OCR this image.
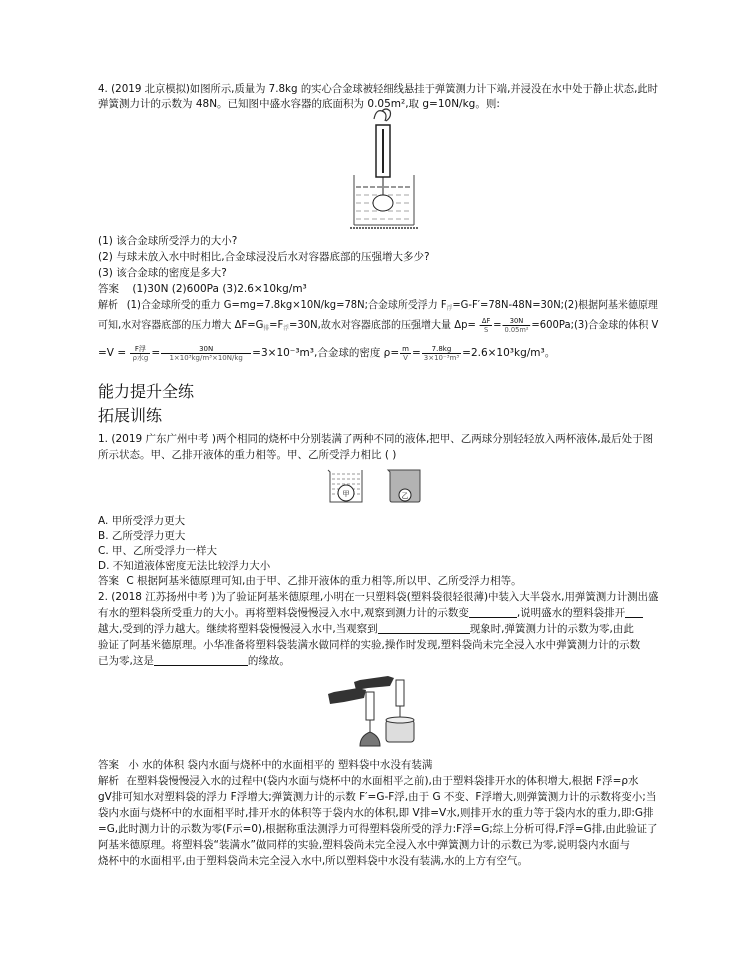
4. (2019 北京模拟)如图所示,质量为 7.8kg 的实心合金球被轻细线悬挂于弹簧测力计下端,并浸没在水中处于静止状态,此时
弹簧测力计的示数为 48N。已知图中盛水容器的底面积为 0.05m²,取 g=10N/kg。则:
(1) 该合金球所受浮力的大小?
(2) 与球未放入水中时相比,合金球浸没后水对容器底部的压强增大多少?
(3) 该合金球的密度是多大?
答案 (1)30N (2)600Pa (3)2.6×10kg/m³
解析 (1)合金球所受的重力 G=mg=7.8kg×10N/kg=78N;合金球所受浮力 $F_浮=G-F'=78N-48N=30N;(2)$根据阿基米德原理
可知,水对容器底部的压力增大 $\Delta F=G_排=F_浮=30N$,故水对容器底部的压强增大量 $\Delta p= \frac{\Delta F}{S} = \frac{30N}{\text{0.05m²}}$ =600Pa;(3)合金球的体积 V
$=V = \frac{\text{F浮}}{\text{ρ水g}} = \frac{30N}{\text{1×10³kg/m³×10N/kg}} =3\times 10^{-3}m^3$,合金球的密度 $\rho= \frac{m}{V} = \frac{7.8kg}{\text{3×10⁻³m³}} =2.6\times 10^3kg/m^3$。
能力提升全练
拓展训练
1. (2019 广东广州中考 )两个相同的烧杯中分别装满了两种不同的液体,把甲、乙两球分别轻轻放入两杯液体,最后处于图
所示状态。甲、乙排开液体的重力相等。甲、乙所受浮力相比 ( )
甲	乙
A. 甲所受浮力更大
B. 乙所受浮力更大
C. 甲、乙所受浮力一样大
D. 不知道液体密度无法比较浮力大小
答案 C 根据阿基米德原理可知,由于甲、乙排开液体的重力相等,所以甲、乙所受浮力相等。
2. (2018 江苏扬州中考 )为了验证阿基米德原理,小明在一只塑料袋(塑料袋很轻很薄)中装入大半袋水,用弹簧测力计测出盛
有水的塑料袋所受重力的大小。再将塑料袋慢慢浸入水中,观察到测力计的示数变	,说明盛水的塑料袋排开
越大,受到的浮力越大。继续将塑料袋慢慢浸入水中,当观察到	现象时,弹簧测力计的示数为零,由此
验证了阿基米德原理。小华准备将塑料袋装满水做同样的实验,操作时发现,塑料袋尚未完全浸入水中弹簧测力计的示数
已为零,这是	的缘故。
答案 小 水的体积 袋内水面与烧杯中的水面相平的 塑料袋中水没有装满
解析 在塑料袋慢慢浸入水的过程中(袋内水面与烧杯中的水面相平之前),由于塑料袋排开水的体积增大,根据 F浮=ρ水
gV排可知水对塑料袋的浮力 F浮增大;弹簧测力计的示数 F′=G-F浮,由于 G 不变、F浮增大,则弹簧测力计的示数将变小;当
袋内水面与烧杯中的水面相平时,排开水的体积等于袋内水的体积,即 V排=V水,则排开水的重力等于袋内水的重力,即:G排
=G,此时测力计的示数为零(F示=0),根据称重法测浮力可得塑料袋所受的浮力:F浮=G;综上分析可得,F浮=G排,由此验证了
阿基米德原理。将塑料袋“装满水”做同样的实验,塑料袋尚未完全浸入水中弹簧测力计的示数已为零,说明袋内水面与
烧杯中的水面相平,由于塑料袋尚未完全浸入水中,所以塑料袋中水没有装满,水的上方有空气。
